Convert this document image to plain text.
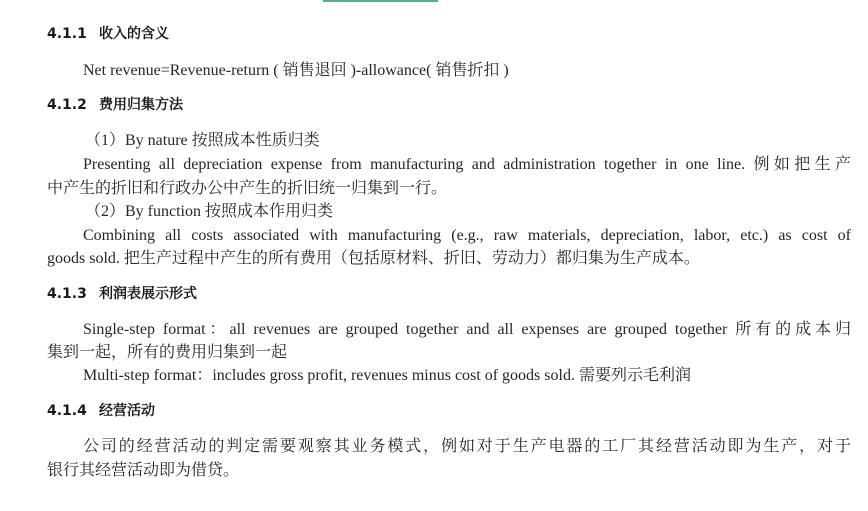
4.1.1 收入的含义
Net revenue=Revenue-return ( 销售退回 )-allowance( 销售折扣 )
4.1.2 费用归集方法
（1）By nature 按照成本性质归类
Presenting all depreciation expense from manufacturing and administration together in one line. 例如把生产
中产生的折旧和行政办公中产生的折旧统一归集到一行。
（2）By function 按照成本作用归类
Combining all costs associated with manufacturing (e.g., raw materials, depreciation, labor, etc.) as cost of
goods sold. 把生产过程中产生的所有费用（包括原材料、折旧、劳动力）都归集为生产成本。
4.1.3 利润表展示形式
Single-step format：all revenues are grouped together and all expenses are grouped together 所有的成本归
集到一起，所有的费用归集到一起
Multi-step format：includes gross profit, revenues minus cost of goods sold. 需要列示毛利润
4.1.4 经营活动
公司的经营活动的判定需要观察其业务模式，例如对于生产电器的工厂其经营活动即为生产，对于
银行其经营活动即为借贷。
